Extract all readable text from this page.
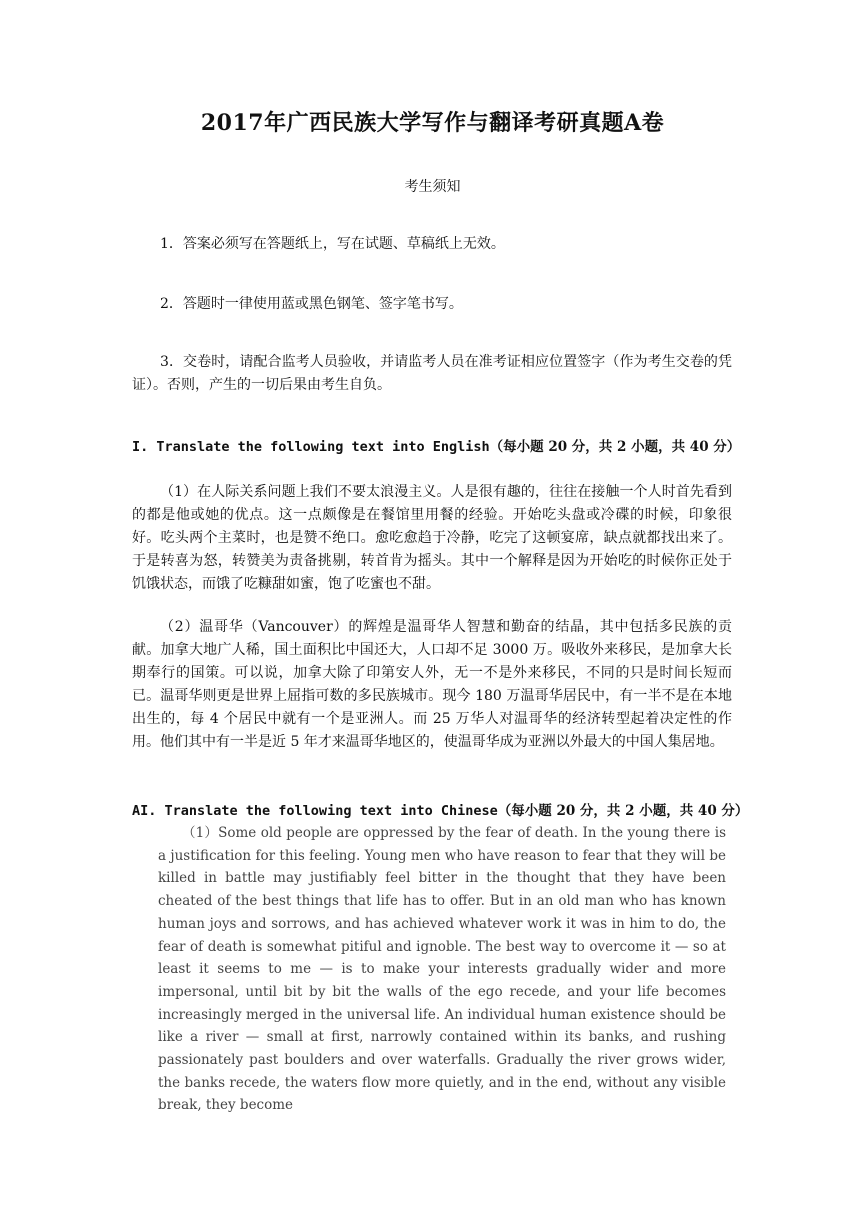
2017年广西民族大学写作与翻译考研真题A卷
考生须知
1．答案必须写在答题纸上，写在试题、草稿纸上无效。
2．答题时一律使用蓝或黑色钢笔、签字笔书写。
3．交卷时，请配合监考人员验收，并请监考人员在准考证相应位置签字（作为考生交卷的凭证）。否则，产生的一切后果由考生自负。
I. Translate the following text into English（每小题 20 分，共 2 小题，共 40 分）
（1）在人际关系问题上我们不要太浪漫主义。人是很有趣的，往往在接触一个人时首先看到的都是他或她的优点。这一点颇像是在餐馆里用餐的经验。开始吃头盘或冷碟的时候，印象很好。吃头两个主菜时，也是赞不绝口。愈吃愈趋于冷静，吃完了这顿宴席，缺点就都找出来了。于是转喜为怒，转赞美为责备挑剔，转首肯为摇头。其中一个解释是因为开始吃的时候你正处于饥饿状态，而饿了吃糠甜如蜜，饱了吃蜜也不甜。
（2）温哥华（Vancouver）的辉煌是温哥华人智慧和勤奋的结晶，其中包括多民族的贡献。加拿大地广人稀，国土面积比中国还大，人口却不足 3000 万。吸收外来移民，是加拿大长期奉行的国策。可以说，加拿大除了印第安人外，无一不是外来移民，不同的只是时间长短而已。温哥华则更是世界上屈指可数的多民族城市。现今 180 万温哥华居民中，有一半不是在本地出生的，每 4 个居民中就有一个是亚洲人。而 25 万华人对温哥华的经济转型起着决定性的作用。他们其中有一半是近 5 年才来温哥华地区的，使温哥华成为亚洲以外最大的中国人集居地。
AI. Translate the following text into Chinese（每小题 20 分，共 2 小题，共 40 分）
（1）Some old people are oppressed by the fear of death. In the young there is a justification for this feeling. Young men who have reason to fear that they will be killed in battle may justifiably feel bitter in the thought that they have been cheated of the best things that life has to offer. But in an old man who has known human joys and sorrows, and has achieved whatever work it was in him to do, the fear of death is somewhat pitiful and ignoble. The best way to overcome it — so at least it seems to me — is to make your interests gradually wider and more impersonal, until bit by bit the walls of the ego recede, and your life becomes increasingly merged in the universal life. An individual human existence should be like a river — small at first, narrowly contained within its banks, and rushing passionately past boulders and over waterfalls. Gradually the river grows wider, the banks recede, the waters flow more quietly, and in the end, without any visible break, they become
